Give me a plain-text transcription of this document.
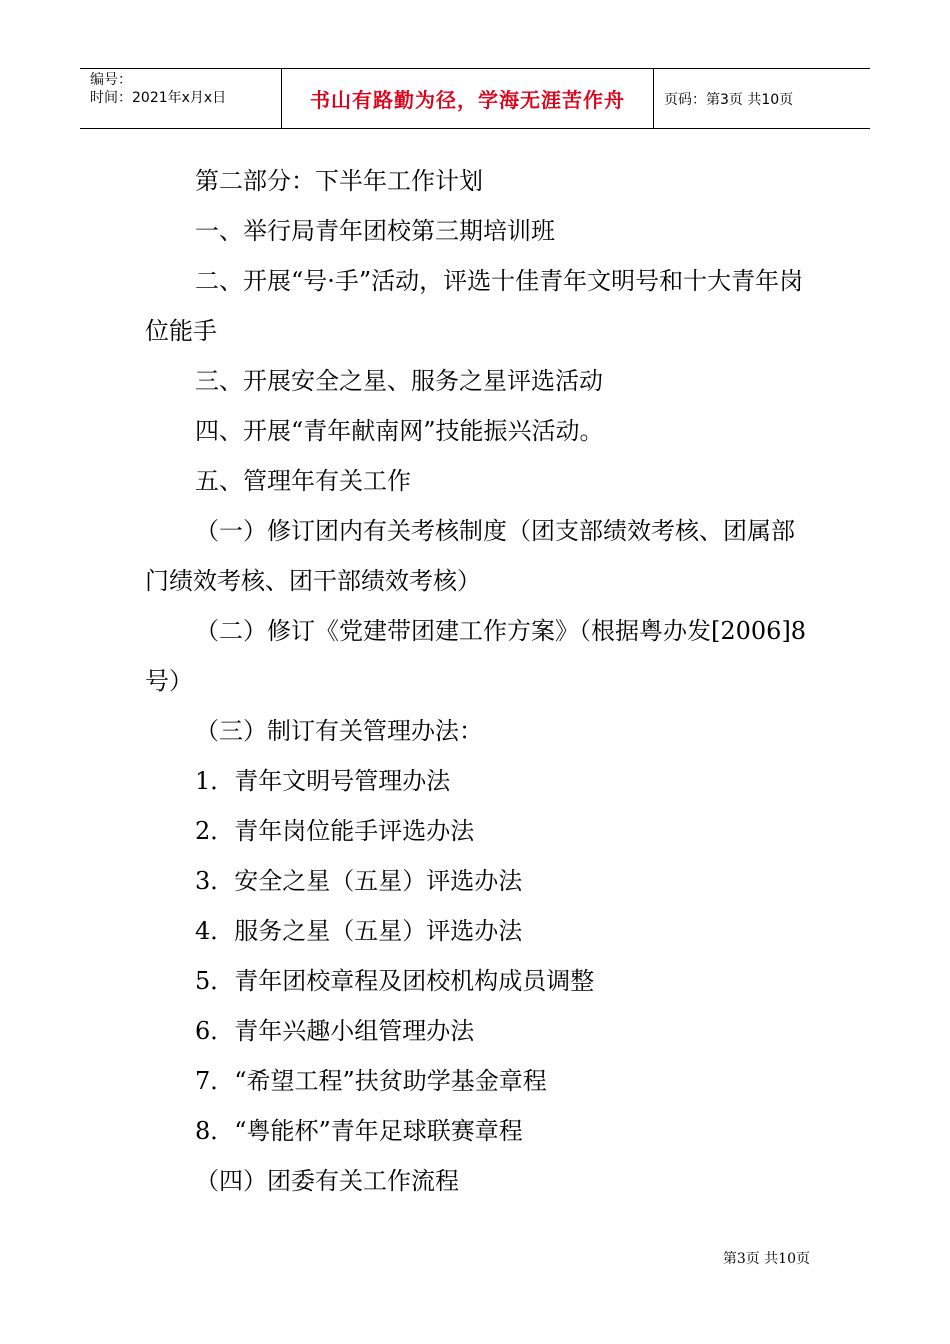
编号：
时间：2021年x月x日	书山有路勤为径，学海无涯苦作舟	页码：第3页 共10页

第二部分：下半年工作计划

一、举行局青年团校第三期培训班

二、开展“号·手”活动，评选十佳青年文明号和十大青年岗位能手

三、开展安全之星、服务之星评选活动

四、开展“青年献南网”技能振兴活动。

五、管理年有关工作

（一）修订团内有关考核制度（团支部绩效考核、团属部门绩效考核、团干部绩效考核）

（二）修订《党建带团建工作方案》（根据粤办发[2006]8号）

（三）制订有关管理办法：

1．青年文明号管理办法

2．青年岗位能手评选办法

3．安全之星（五星）评选办法

4．服务之星（五星）评选办法

5．青年团校章程及团校机构成员调整

6．青年兴趣小组管理办法

7．“希望工程”扶贫助学基金章程

8．“粤能杯”青年足球联赛章程

（四）团委有关工作流程

第3页 共10页
